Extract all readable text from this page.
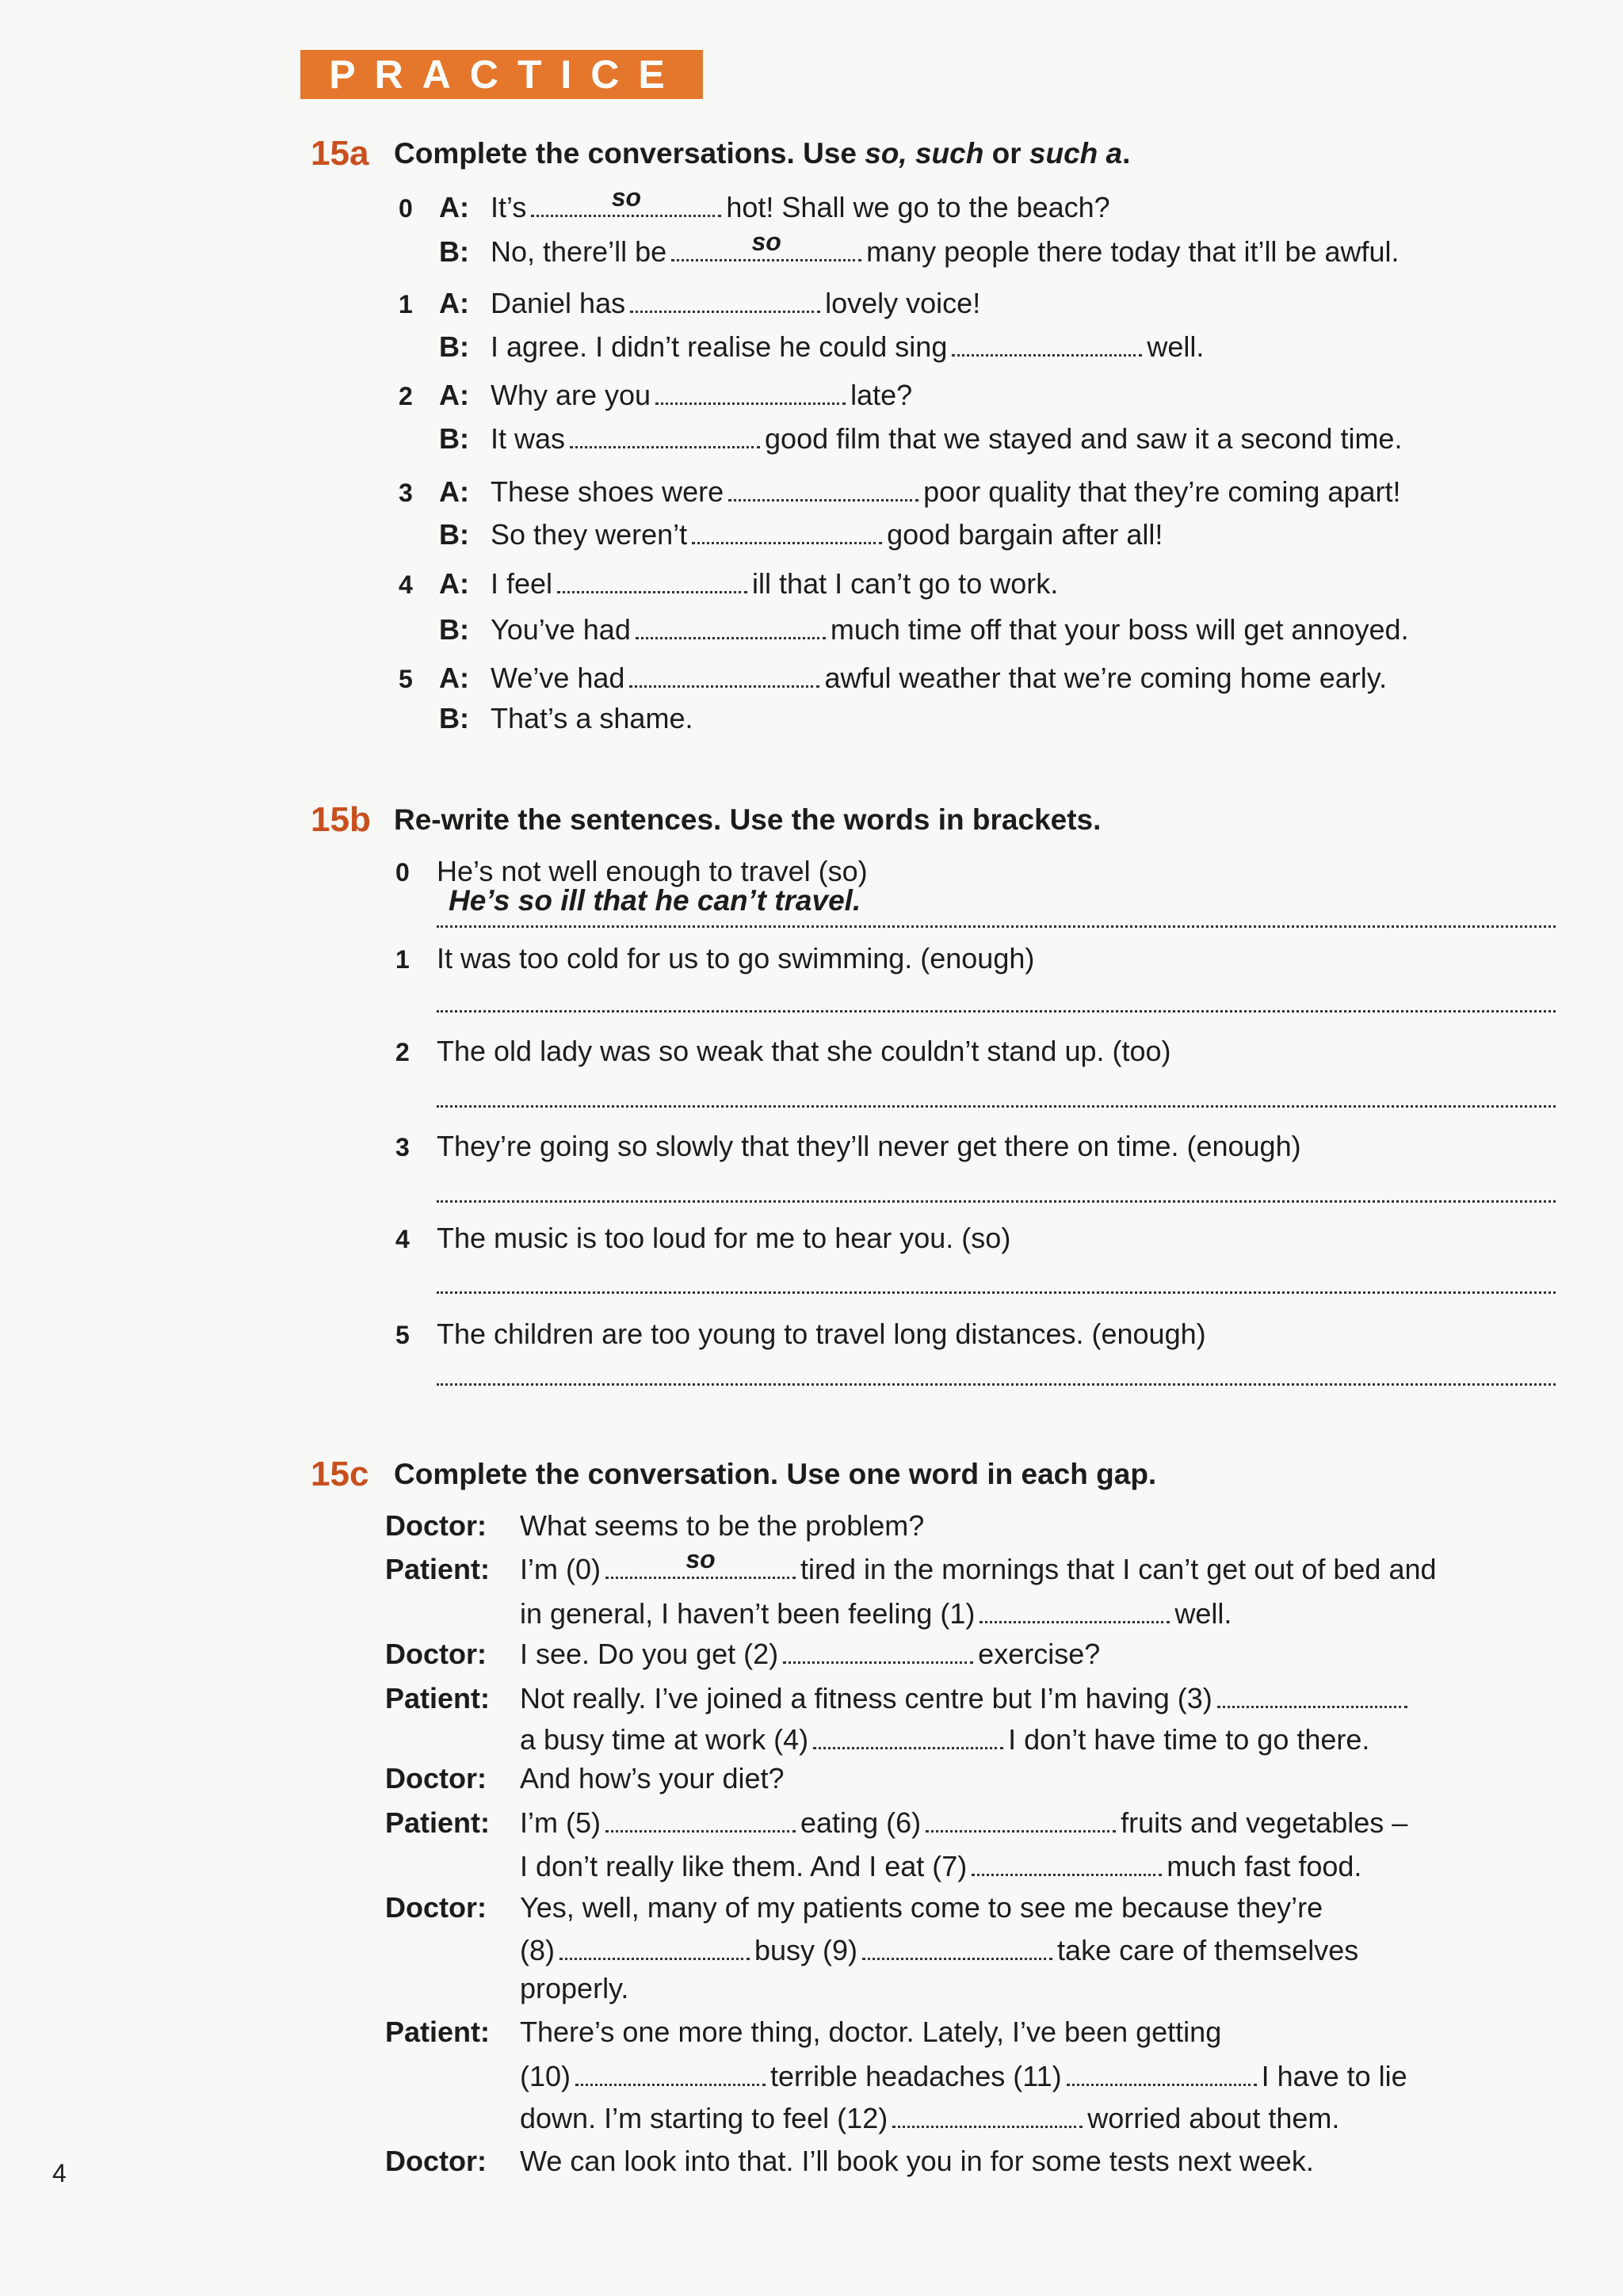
PRACTICE
4
15a Complete the conversations. Use so, such or such a.
0 A: It’s	so	hot! Shall we go to the beach?
B: No, there’ll be	so	many people there today that it’ll be awful.
1 A: Daniel has	lovely voice!
B: I agree. I didn’t realise he could sing	well.
2 A: Why are you	late?
B: It was	good film that we stayed and saw it a second time.
3 A: These shoes were	poor quality that they’re coming apart!
B: So they weren’t	good bargain after all!
4 A: I feel	ill that I can’t go to work.
B: You’ve had	much time off that your boss will get annoyed.
5 A: We’ve had	awful weather that we’re coming home early.
B: That’s a shame.
15b Re-write the sentences. Use the words in brackets.
0 He’s not well enough to travel (so)
He’s so ill that he can’t travel.
1 It was too cold for us to go swimming. (enough)
2 The old lady was so weak that she couldn’t stand up. (too)
3 They’re going so slowly that they’ll never get there on time. (enough)
4 The music is too loud for me to hear you. (so)
5 The children are too young to travel long distances. (enough)
15c Complete the conversation. Use one word in each gap.
Doctor: What seems to be the problem?
Patient: I’m (0)	so	tired in the mornings that I can’t get out of bed and
in general, I haven’t been feeling (1)	well.
Doctor: I see. Do you get (2)	exercise?
Patient: Not really. I’ve joined a fitness centre but I’m having (3)
a busy time at work (4)	I don’t have time to go there.
Doctor: And how’s your diet?
Patient: I’m (5)	eating (6)	fruits and vegetables –
I don’t really like them. And I eat (7)	much fast food.
Doctor: Yes, well, many of my patients come to see me because they’re
(8)	busy (9)	take care of themselves
properly.
Patient: There’s one more thing, doctor. Lately, I’ve been getting
(10)	terrible headaches (11)	I have to lie
down. I’m starting to feel (12)	worried about them.
Doctor: We can look into that. I’ll book you in for some tests next week.
